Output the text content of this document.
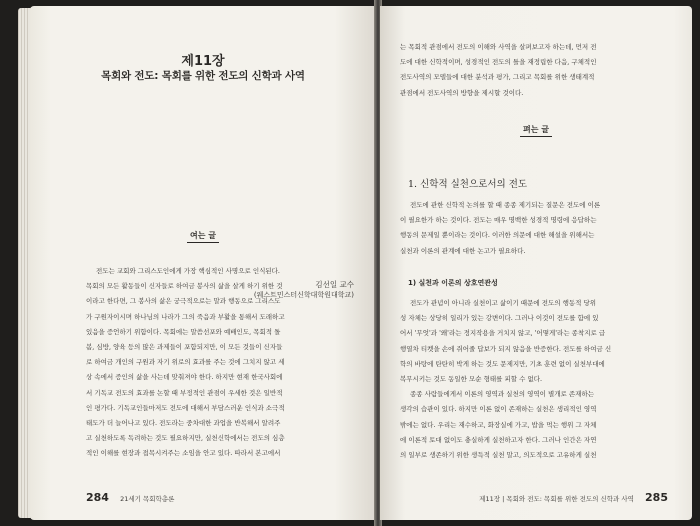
제11장
목회와 전도: 목회를 위한 전도의 신학과 사역
김선일 교수
(웨스트민스터신학대학원대학교)
여는 글
전도는 교회와 그리스도인에게 가장 핵심적인 사명으로 인식된다.
목회의 모든 활동들이 신자들로 하여금 봉사의 삶을 살게 하기 위한 것
이라고 한다면, 그 봉사의 삶은 궁극적으로는 말과 행동으로 그리스도
가 구원자이시며 하나님의 나라가 그의 죽음과 부활을 통해서 도래하고
있음을 증언하기 위함이다. 목회에는 말씀선포와 예배인도, 목회적 돌
봄, 심방, 양육 등의 많은 과제들이 포함되지만, 이 모든 것들이 신자들
로 하여금 개인의 구원과 자기 위로의 효과를 주는 것에 그치지 않고 세
상 속에서 증인의 삶을 사는데 맞춰져야 한다. 하지만 현재 한국사회에
서 기독교 전도의 효과를 논할 때 부정적인 관점이 우세한 것은 일반적
인 평가다. 기독교인들마저도 전도에 대해서 부담스러운 인식과 소극적
태도가 더 늘어나고 있다. 전도라는 중차대한 과업을 반복해서 알려주
고 실천하도록 독려하는 것도 필요하지만, 실천신학에서는 전도의 심층
적인 이해를 현장과 접목시켜주는 소임을 안고 있다. 따라서 본고에서
284 21세기 목회학총론
는 목회적 관점에서 전도의 이해와 사역을 살펴보고자 하는데, 먼저 전
도에 대한 신학적이며, 성경적인 전도의 틀을 재정립한 다음, 구체적인
전도사역의 모델들에 대한 분석과 평가, 그리고 목회를 위한 생태계적
관점에서 전도사역의 방향을 제시할 것이다.
펴는 글
1. 신학적 실천으로서의 전도
전도에 관한 신학적 논의를 할 때 종종 제기되는 질문은 전도에 이론
이 필요한가 하는 것이다. 전도는 매우 명백한 성경적 명령에 응답하는
행동의 문제일 뿐이라는 것이다. 이러한 의문에 대한 해설을 위해서는
실천과 이론의 관계에 대한 논고가 필요하다.
1) 실천과 이론의 상호연관성
전도가 관념이 아니라 실천이고 삶이기 때문에 전도의 행동적 당위
성 자체는 상당히 일리가 있는 강변이다. 그러나 이것이 전도를 함에 있
어서 '무엇'과 '왜'라는 정지작용을 거치지 않고, '어떻게'라는 종착지로 급
행열차 티켓을 손에 쥐어줄 답보가 되지 않음을 반증한다. 전도를 하여금 신
학의 바탕에 탄탄히 박게 하는 것도 문제지만, 기초 훈련 없이 실천부대에
복무시키는 것도 동일한 모순 형태를 피할 수 없다.
종종 사람들에게서 이론의 영역과 실천의 영역이 별개로 존재하는
생각의 습관이 있다. 하지만 이론 없이 존재하는 실천은 생리적인 영역
밖에는 없다. 우리는 재수하고, 화장실에 가고, 밥을 먹는 행위 그 자체
에 이론적 토대 없이도 충실하게 실천하고자 한다. 그러나 인간은 자연
의 일부로 생존하기 위한 생득적 실천 말고, 의도적으로 고유하게 실천
제11장 | 목회와 전도: 목회를 위한 전도의 신학과 사역 285
